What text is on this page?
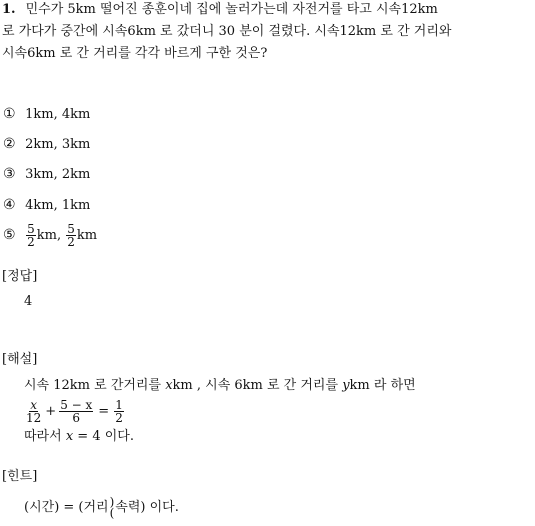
1. 민수가 5km 떨어진 종훈이네 집에 놀러가는데 자전거를 타고 시속12km
로 가다가 중간에 시속6km 로 갔더니 30 분이 걸렸다. 시속12km 로 간 거리와
시속6km 로 간 거리를 각각 바르게 구한 것은?
① 1km, 4km
② 2km, 3km
③ 3km, 2km
④ 4km, 1km
⑤ $\frac{5}{2}$ km, $\frac{5}{2}$ km
[정답]
4
[해설]
시속 12km 로 간거리를 xkm , 시속 6km 로 간 거리를 ykm 라 하면
$\frac{x}{12} + \frac{5 - x}{6} = \frac{1}{2}$
따라서 x = 4 이다.
[힌트]
(시간) = (거리 )
( 속력) 이다.
